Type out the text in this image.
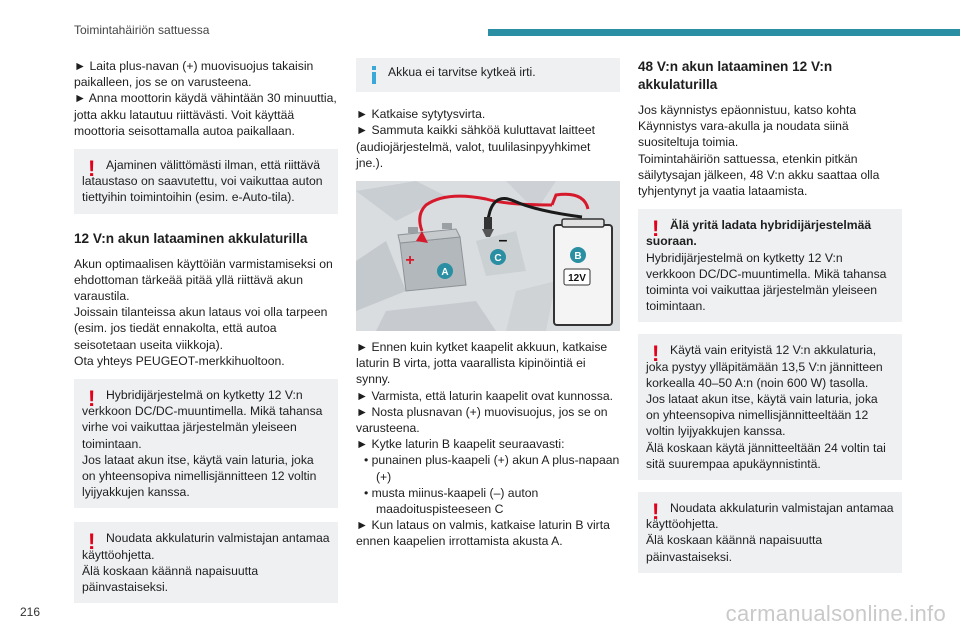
Toimintahäiriön sattuessa

► Laita plus-navan (+) muovisuojus takaisin paikalleen, jos se on varusteena.

► Anna moottorin käydä vähintään 30 minuuttia, jotta akku latautuu riittävästi. Voit käyttää moottoria seisottamalla autoa paikallaan.

! Ajaminen välittömästi ilman, että riittävä lataustaso on saavutettu, voi vaikuttaa auton tiettyihin toimintoihin (esim. e-Auto-tila).

12 V:n akun lataaminen akkulaturilla

Akun optimaalisen käyttöiän varmistamiseksi on ehdottoman tärkeää pitää yllä riittävä akun varaustila.

Joissain tilanteissa akun lataus voi olla tarpeen (esim. jos tiedät ennakolta, että autoa seisotetaan useita viikkoja).

Ota yhteys PEUGEOT-merkkihuoltoon.

! Hybridijärjestelmä on kytketty 12 V:n verkkoon DC/DC-muuntimella. Mikä tahansa virhe voi vaikuttaa järjestelmän yleiseen toimintaan.

Jos lataat akun itse, käytä vain laturia, joka on yhteensopiva nimellisjännitteen 12 voltin lyijyakkujen kanssa.

! Noudata akkulaturin valmistajan antamaa käyttöohjetta.

Älä koskaan käännä napaisuutta päinvastaiseksi.

Akkua ei tarvitse kytkeä irti.

► Katkaise sytytysvirta.

► Sammuta kaikki sähköä kuluttavat laitteet (audiojärjestelmä, valot, tuulilasinpyyhkimet jne.).

12V
+
–
A
B
C

► Ennen kuin kytket kaapelit akkuun, katkaise laturin B virta, jotta vaarallista kipinöintiä ei synny.

► Varmista, että laturin kaapelit ovat kunnossa.

► Nosta plusnavan (+) muovisuojus, jos se on varusteena.

► Kytke laturin B kaapelit seuraavasti:

• punainen plus-kaapeli (+) akun A plus-napaan (+)

• musta miinus-kaapeli (–) auton maadoituspisteeseen C

► Kun lataus on valmis, katkaise laturin B virta ennen kaapelien irrottamista akusta A.

48 V:n akun lataaminen 12 V:n akkulaturilla

Jos käynnistys epäonnistuu, katso kohta Käynnistys vara-akulla ja noudata siinä suositeltuja toimia.

Toimintahäiriön sattuessa, etenkin pitkän säilytysajan jälkeen, 48 V:n akku saattaa olla tyhjentynyt ja vaatia lataamista.

! Älä yritä ladata hybridijärjestelmää suoraan.

Hybridijärjestelmä on kytketty 12 V:n verkkoon DC/DC-muuntimella. Mikä tahansa toiminta voi vaikuttaa järjestelmän yleiseen toimintaan.

! Käytä vain erityistä 12 V:n akkulaturia, joka pystyy ylläpitämään 13,5 V:n jännitteen korkealla 40–50 A:n (noin 600 W) tasolla.

Jos lataat akun itse, käytä vain laturia, joka on yhteensopiva nimellisjännitteeltään 12 voltin lyijyakkujen kanssa.

Älä koskaan käytä jännitteeltään 24 voltin tai sitä suurempaa apukäynnistintä.

! Noudata akkulaturin valmistajan antamaa käyttöohjetta.

Älä koskaan käännä napaisuutta päinvastaiseksi.

216	carmanualsonline.info
